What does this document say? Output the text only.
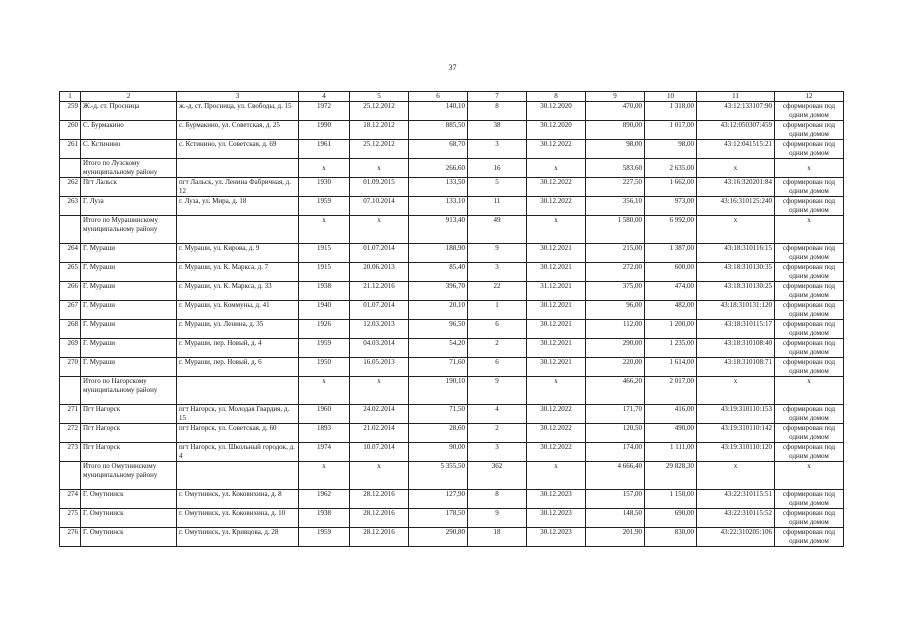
37
1	2	3	4	5	6	7	8	9	10	11	12
259	Ж.-д. ст. Просница	ж.-д. ст. Просница, ул. Свободы, д. 15	1972	25.12.2012	140,10	8	30.12.2020	470,00	1 318,00	43:12:133107:90	сформирован под одним домом
260	С. Бурмакино	с. Бурмакино, ул. Советская, д. 25	1990	18.12.2012	885,50	38	30.12.2020	890,00	1 017,00	43:12:050307:459	сформирован под одним домом
261	С. Кстинино	с. Кстинино, ул. Советская, д. 69	1961	25.12.2012	68,70	3	30.12.2022	98,00	98,00	43:12:041515:21	сформирован под одним домом
	Итого по Лузскому муниципальному району		х	х	266,60	16	х	583,60	2 635,00	х	х
262	Пгт Лальск	пгт Лальск, ул. Ленина Фабричная, д. 12	1930	01.09.2015	133,50	5	30.12.2022	227,50	1 662,00	43:16:320201:84	сформирован под одним домом
263	Г. Луза	г. Луза, ул. Мира, д. 18	1959	07.10.2014	133,10	11	30.12.2022	356,10	973,00	43:16:310125:240	сформирован под одним домом
	Итого по Мурашинскому муниципальному району		х	х	913,40	49	х	1 580,00	6 992,00	х	х
264	Г. Мураши	г. Мураши, ул. Кирова, д. 9	1915	01.07.2014	188,90	9	30.12.2021	215,00	1 387,00	43:18:310116:15	сформирован под одним домом
265	Г. Мураши	г. Мураши, ул. К. Маркса, д. 7	1915	20.06.2013	85,40	3	30.12.2021	272,00	600,00	43:18:310130:35	сформирован под одним домом
266	Г. Мураши	г. Мураши, ул. К. Маркса, д. 33	1938	21.12.2016	396,70	22	31.12.2021	375,00	474,00	43:18:310130:25	сформирован под одним домом
267	Г. Мураши	г. Мураши, ул. Коммуны, д. 41	1940	01.07.2014	20,10	1	30.12.2021	96,00	482,00	43:18:310131:120	сформирован под одним домом
268	Г. Мураши	г. Мураши, ул. Ленина, д. 35	1926	12.03.2013	96,50	6	30.12.2021	112,00	1 200,00	43:18:310115:17	сформирован под одним домом
269	Г. Мураши	г. Мураши, пер. Новый, д. 4	1959	04.03.2014	54,20	2	30.12.2021	290,00	1 235,00	43:18:310108:40	сформирован под одним домом
270	Г. Мураши	г. Мураши, пер. Новый, д. 6	1950	16.05.2013	71,60	6	30.12.2021	220,00	1 614,00	43:18:310108:71	сформирован под одним домом
	Итого по Нагорскому муниципальному району		х	х	190,10	9	х	466,20	2 017,00	х	х
271	Пгт Нагорск	пгт Нагорск, ул. Молодая Гвардия, д. 15	1960	24.02.2014	71,50	4	30.12.2022	171,70	416,00	43:19:310110:153	сформирован под одним домом
272	Пгт Нагорск	пгт Нагорск, ул. Советская, д. 60	1893	21.02.2014	28,60	2	30.12.2022	120,50	490,00	43:19:310110:142	сформирован под одним домом
273	Пгт Нагорск	пгт Нагорск, ул. Школьный городок, д. 4	1974	10.07.2014	90,00	3	30.12.2022	174,00	1 111,00	43:19:310110:120	сформирован под одним домом
	Итого по Омутнинскому муниципальному району		х	х	5 355,50	362	х	4 666,40	29 828,30	х	х
274	Г. Омутнинск	г. Омутнинск, ул. Коковихина, д. 8	1962	28.12.2016	127,90	8	30.12.2023	157,00	1 150,00	43:22:310115:51	сформирован под одним домом
275	Г. Омутнинск	г. Омутнинск, ул. Коковихина, д. 10	1938	28.12.2016	178,50	9	30.12.2023	148,50	690,00	43:22:310115:52	сформирован под одним домом
276	Г. Омутнинск	г. Омутнинск, ул. Кривцова, д. 28	1959	28.12.2016	290,80	18	30.12.2023	201,90	830,00	43:22:310205:106	сформирован под одним домом
